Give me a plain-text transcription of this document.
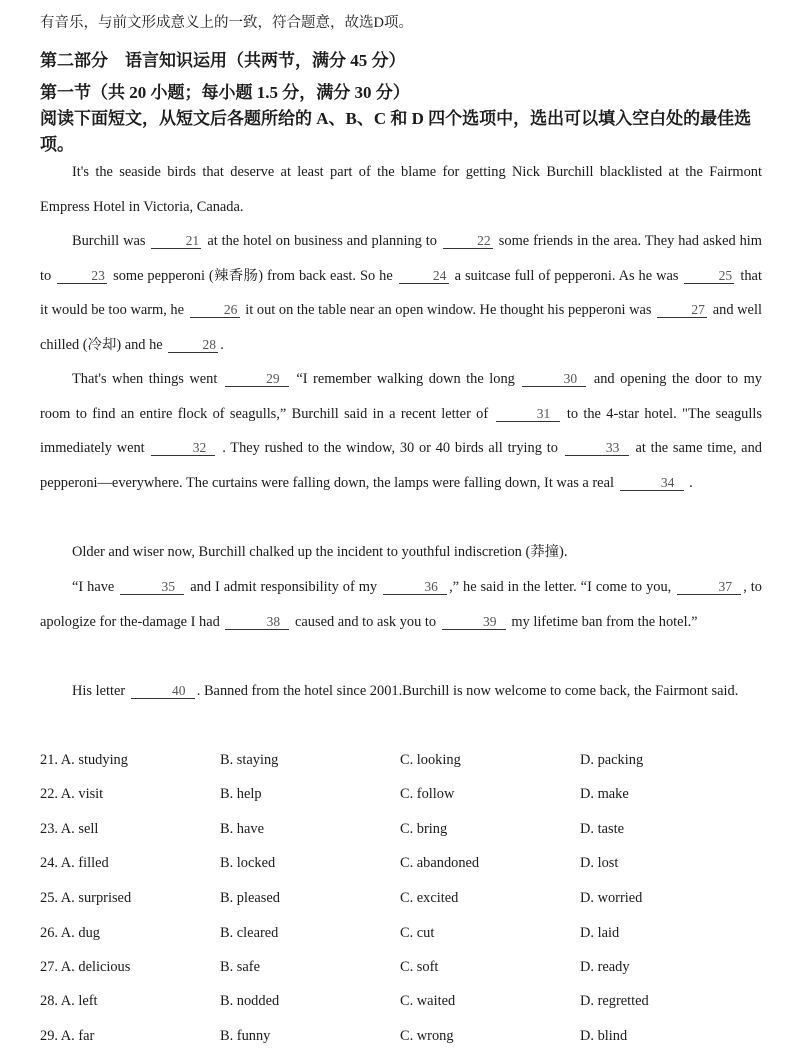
有音乐，与前文形成意义上的一致，符合题意，故选D项。
第二部分　语言知识运用（共两节，满分 45 分）
第一节（共 20 小题；每小题 1.5 分，满分 30 分）
阅读下面短文，从短文后各题所给的 A、B、C 和 D 四个选项中，选出可以填入空白处的最佳选项。
It's the seaside birds that deserve at least part of the blame for getting Nick Burchill blacklisted at the Fairmont Empress Hotel in Victoria, Canada.
Burchill was	21 at the hotel on business and planning to	22 some friends in the area. They had asked him to	23 some pepperoni (辣香肠) from back east. So he	24 a suitcase full of pepperoni. As he was	25 that it would be too warm, he	26 it out on the table near an open window. He thought his pepperoni was	27 and well chilled (冷却) and he	28 .
That's when things went	29 “I remember walking down the long	30 and opening the door to my room to find an entire flock of seagulls,” Burchill said in a recent letter of	31 to the 4-star hotel. "The seagulls immediately went	32 . They rushed to the window, 30 or 40 birds all trying to	33 at the same time, and pepperoni—everywhere. The curtains were falling down, the lamps were falling down, It was a real	34 .
Older and wiser now, Burchill chalked up the incident to youthful indiscretion (莽撞).
“I have	35 and I admit responsibility of my	36 ,” he said in the letter. “I come to you,	37 , to apologize for the-damage I had	38 caused and to ask you to	39 my lifetime ban from the hotel.”
His letter	40 . Banned from the hotel since 2001.Burchill is now welcome to come back, the Fairmont said.
21. A. studying	B. staying	C. looking	D. packing
22. A. visit	B. help	C. follow	D. make
23. A. sell	B. have	C. bring	D. taste
24. A. filled	B. locked	C. abandoned	D. lost
25. A. surprised	B. pleased	C. excited	D. worried
26. A. dug	B. cleared	C. cut	D. laid
27. A. delicious	B. safe	C. soft	D. ready
28. A. left	B. nodded	C. waited	D. regretted
29. A. far	B. funny	C. wrong	D. blind
